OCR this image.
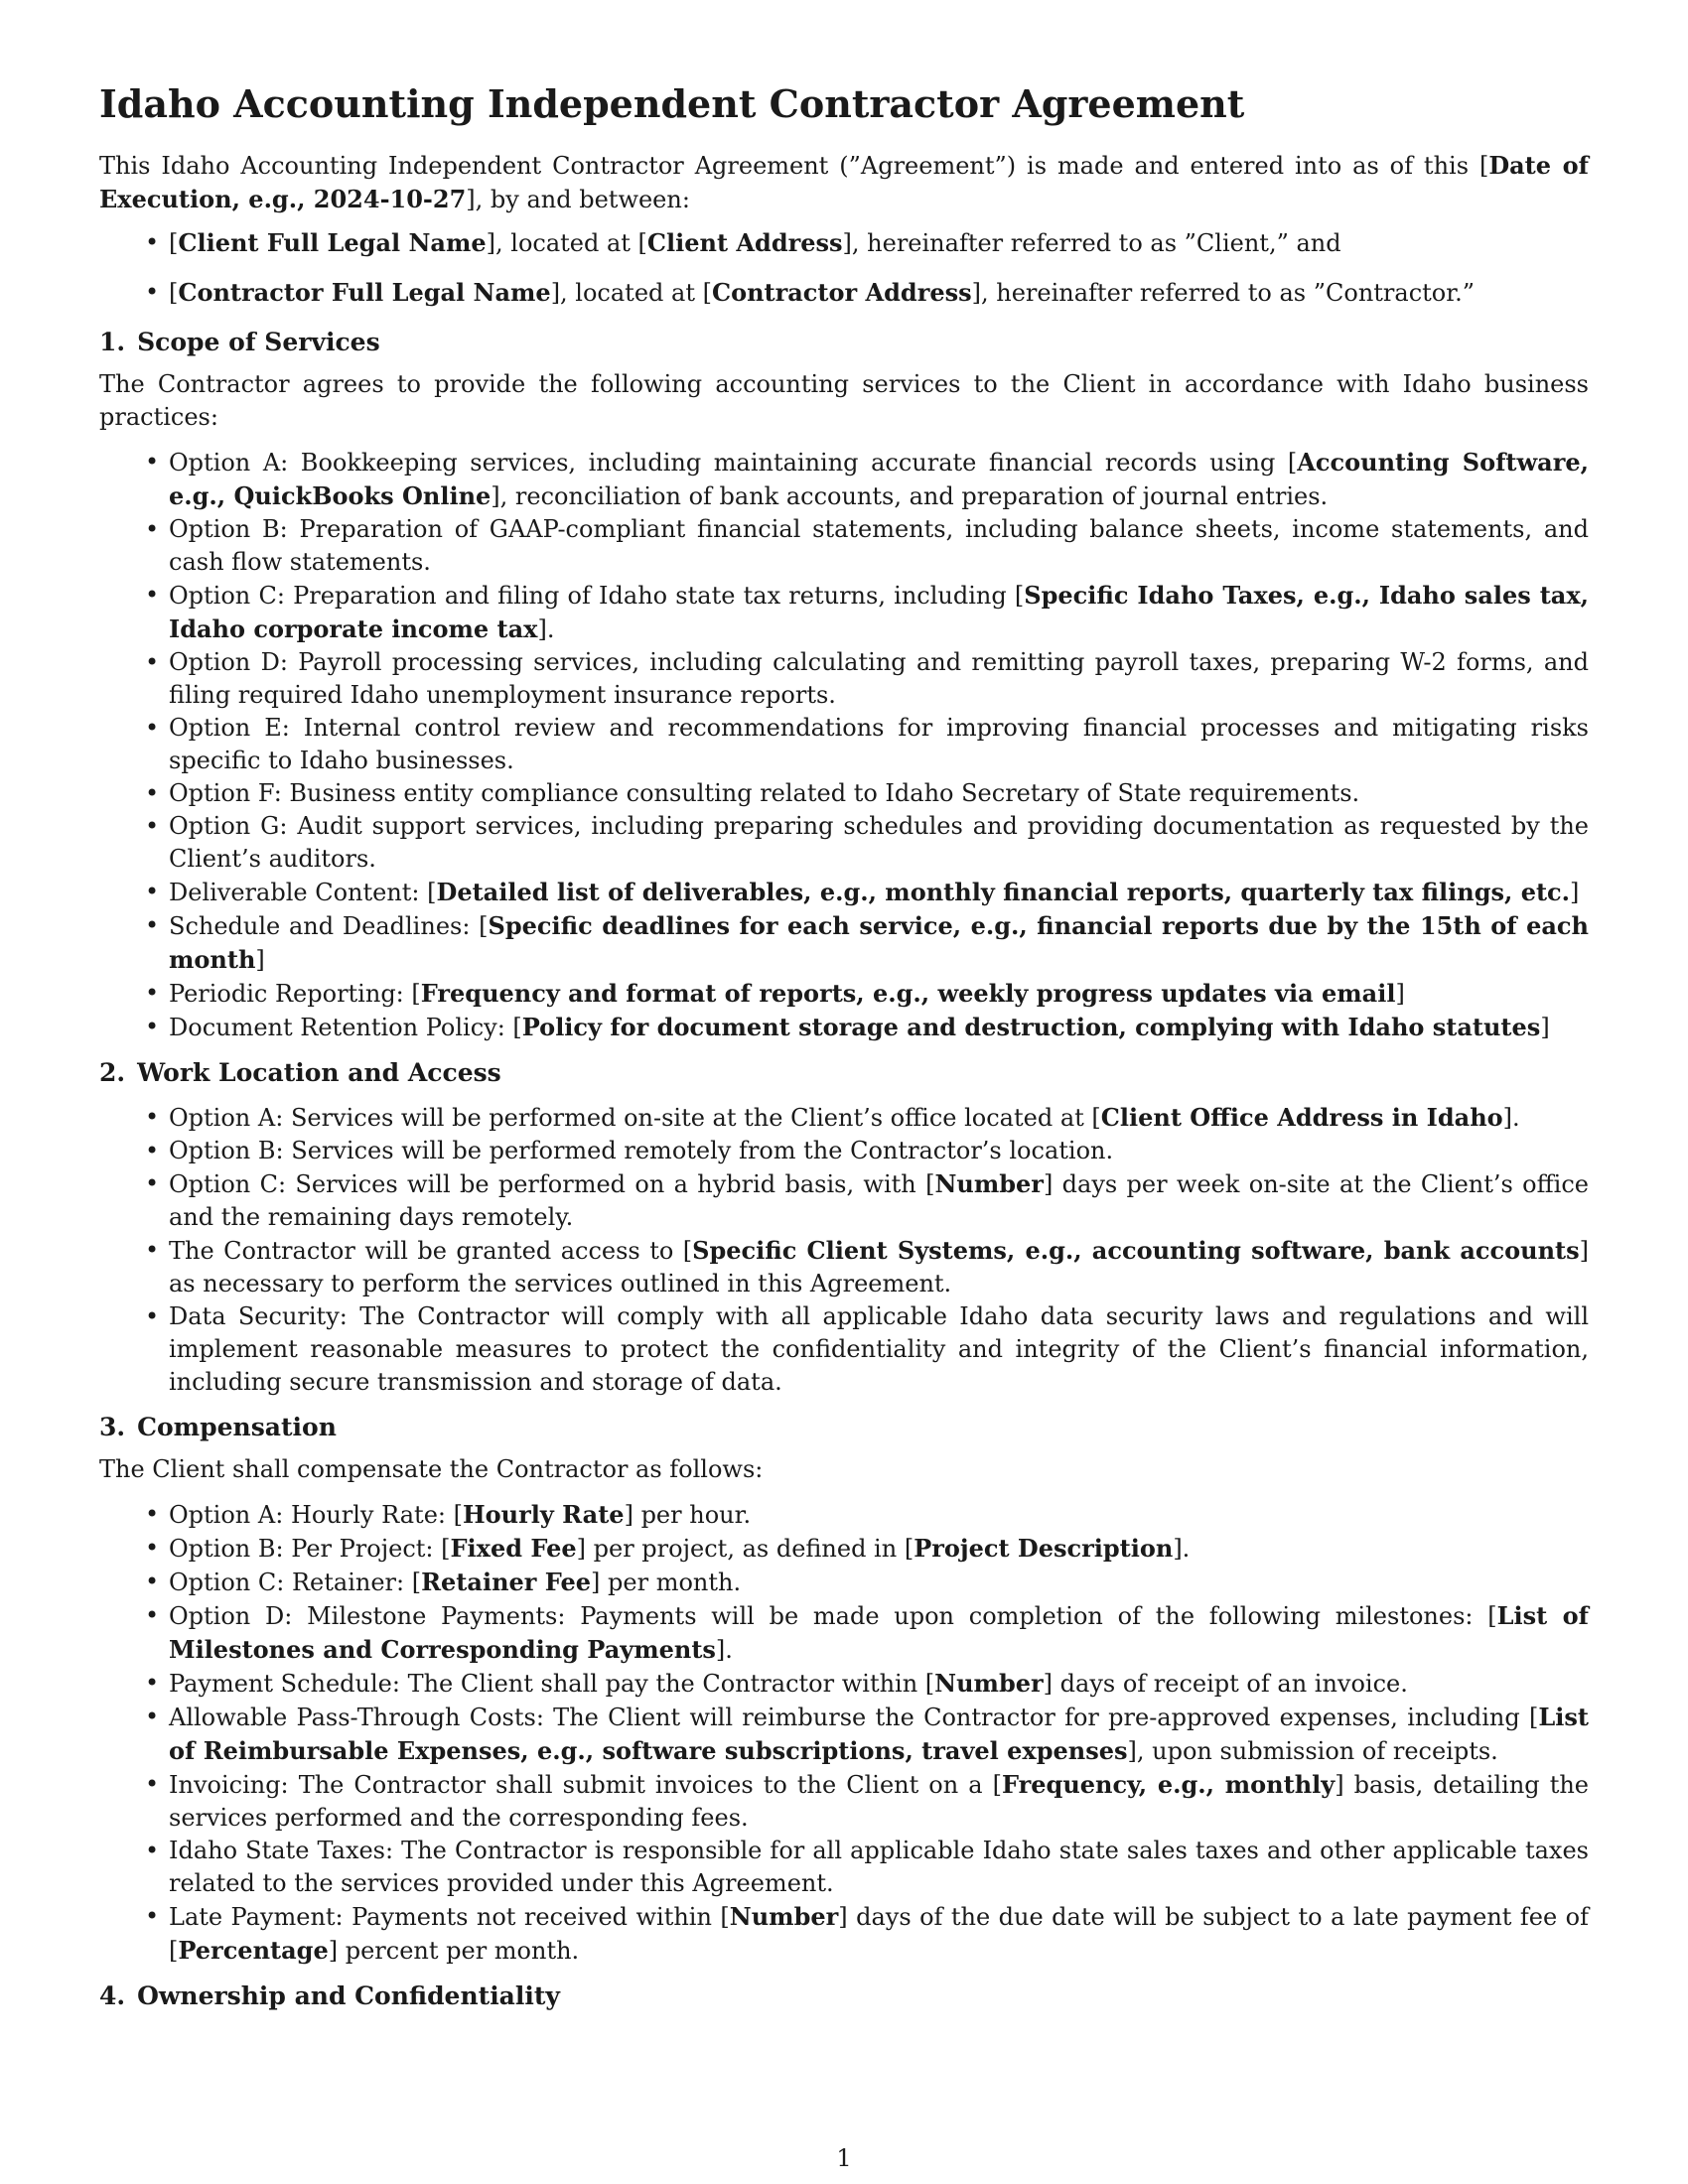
Idaho Accounting Independent Contractor Agreement

This Idaho Accounting Independent Contractor Agreement (”Agreement”) is made and entered into as of this [Date of Execution, e.g., 2024-10-27], by and between:

• [Client Full Legal Name], located at [Client Address], hereinafter referred to as ”Client,” and
• [Contractor Full Legal Name], located at [Contractor Address], hereinafter referred to as ”Contractor.”
1. Scope of Services

The Contractor agrees to provide the following accounting services to the Client in accordance with Idaho business practices:

• Option A: Bookkeeping services, including maintaining accurate financial records using [Accounting Software, e.g., QuickBooks Online], reconciliation of bank accounts, and preparation of journal entries.
• Option B: Preparation of GAAP-compliant financial statements, including balance sheets, income statements, and cash flow statements.
• Option C: Preparation and filing of Idaho state tax returns, including [Specific Idaho Taxes, e.g., Idaho sales tax, Idaho corporate income tax].
• Option D: Payroll processing services, including calculating and remitting payroll taxes, preparing W-2 forms, and filing required Idaho unemployment insurance reports.
• Option E: Internal control review and recommendations for improving financial processes and mitigating risks specific to Idaho businesses.
• Option F: Business entity compliance consulting related to Idaho Secretary of State requirements.
• Option G: Audit support services, including preparing schedules and providing documentation as requested by the Client’s auditors.
• Deliverable Content: [Detailed list of deliverables, e.g., monthly financial reports, quarterly tax filings, etc.]
• Schedule and Deadlines: [Specific deadlines for each service, e.g., financial reports due by the 15th of each month]
• Periodic Reporting: [Frequency and format of reports, e.g., weekly progress updates via email]
• Document Retention Policy: [Policy for document storage and destruction, complying with Idaho statutes]
2. Work Location and Access
• Option A: Services will be performed on-site at the Client’s office located at [Client Office Address in Idaho].
• Option B: Services will be performed remotely from the Contractor’s location.
• Option C: Services will be performed on a hybrid basis, with [Number] days per week on-site at the Client’s office and the remaining days remotely.
• The Contractor will be granted access to [Specific Client Systems, e.g., accounting software, bank accounts] as necessary to perform the services outlined in this Agreement.
• Data Security: The Contractor will comply with all applicable Idaho data security laws and regulations and will implement reasonable measures to protect the confidentiality and integrity of the Client’s financial information, including secure transmission and storage of data.
3. Compensation

The Client shall compensate the Contractor as follows:

• Option A: Hourly Rate: [Hourly Rate] per hour.
• Option B: Per Project: [Fixed Fee] per project, as defined in [Project Description].
• Option C: Retainer: [Retainer Fee] per month.
• Option D: Milestone Payments: Payments will be made upon completion of the following milestones: [List of Milestones and Corresponding Payments].
• Payment Schedule: The Client shall pay the Contractor within [Number] days of receipt of an invoice.
• Allowable Pass-Through Costs: The Client will reimburse the Contractor for pre-approved expenses, including [List of Reimbursable Expenses, e.g., software subscriptions, travel expenses], upon submission of receipts.
• Invoicing: The Contractor shall submit invoices to the Client on a [Frequency, e.g., monthly] basis, detailing the services performed and the corresponding fees.
• Idaho State Taxes: The Contractor is responsible for all applicable Idaho state sales taxes and other applicable taxes related to the services provided under this Agreement.
• Late Payment: Payments not received within [Number] days of the due date will be subject to a late payment fee of [Percentage] percent per month.
4. Ownership and Confidentiality
1
